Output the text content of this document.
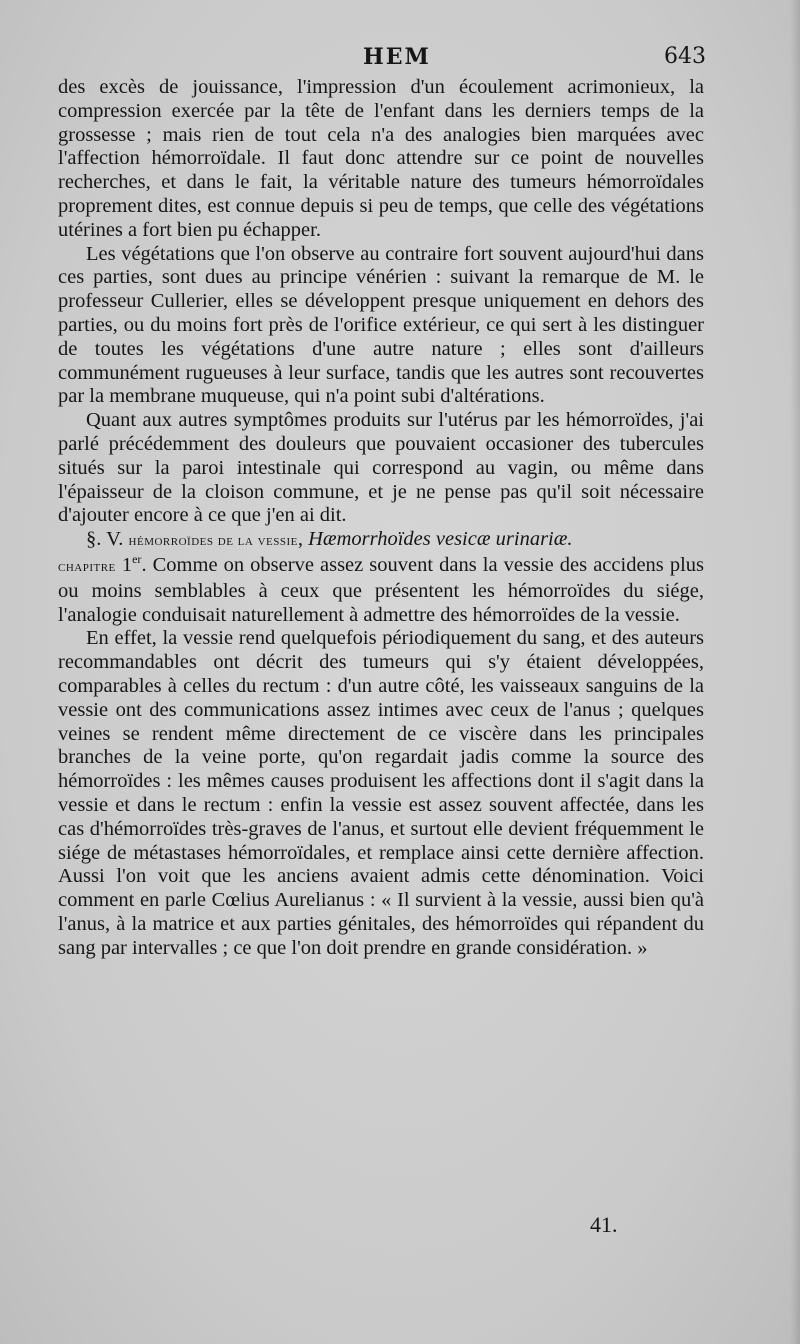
HEM	643

des excès de jouissance, l'impression d'un écoulement acrimonieux, la compression exercée par la tête de l'enfant dans les derniers temps de la grossesse ; mais rien de tout cela n'a des analogies bien marquées avec l'affection hémorroïdale. Il faut donc attendre sur ce point de nouvelles recherches, et dans le fait, la véritable nature des tumeurs hémorroïdales proprement dites, est connue depuis si peu de temps, que celle des végétations utérines a fort bien pu échapper.

Les végétations que l'on observe au contraire fort souvent aujourd'hui dans ces parties, sont dues au principe vénérien : suivant la remarque de M. le professeur Cullerier, elles se développent presque uniquement en dehors des parties, ou du moins fort près de l'orifice extérieur, ce qui sert à les distinguer de toutes les végétations d'une autre nature ; elles sont d'ailleurs communément rugueuses à leur surface, tandis que les autres sont recouvertes par la membrane muqueuse, qui n'a point subi d'altérations.

Quant aux autres symptômes produits sur l'utérus par les hémorroïdes, j'ai parlé précédemment des douleurs que pouvaient occasioner des tubercules situés sur la paroi intestinale qui correspond au vagin, ou même dans l'épaisseur de la cloison commune, et je ne pense pas qu'il soit nécessaire d'ajouter encore à ce que j'en ai dit.

§. V. hémorroïdes de la vessie, Hæmorrhoïdes vesicæ urinariæ.

chapitre 1er. Comme on observe assez souvent dans la vessie des accidens plus ou moins semblables à ceux que présentent les hémorroïdes du siége, l'analogie conduisait naturellement à admettre des hémorroïdes de la vessie.

En effet, la vessie rend quelquefois périodiquement du sang, et des auteurs recommandables ont décrit des tumeurs qui s'y étaient développées, comparables à celles du rectum : d'un autre côté, les vaisseaux sanguins de la vessie ont des communications assez intimes avec ceux de l'anus ; quelques veines se rendent même directement de ce viscère dans les principales branches de la veine porte, qu'on regardait jadis comme la source des hémorroïdes : les mêmes causes produisent les affections dont il s'agit dans la vessie et dans le rectum : enfin la vessie est assez souvent affectée, dans les cas d'hémorroïdes très-graves de l'anus, et surtout elle devient fréquemment le siége de métastases hémorroïdales, et remplace ainsi cette dernière affection. Aussi l'on voit que les anciens avaient admis cette dénomination. Voici comment en parle Cœlius Aurelianus : « Il survient à la vessie, aussi bien qu'à l'anus, à la matrice et aux parties génitales, des hémorroïdes qui répandent du sang par intervalles ; ce que l'on doit prendre en grande considération. »

41.
